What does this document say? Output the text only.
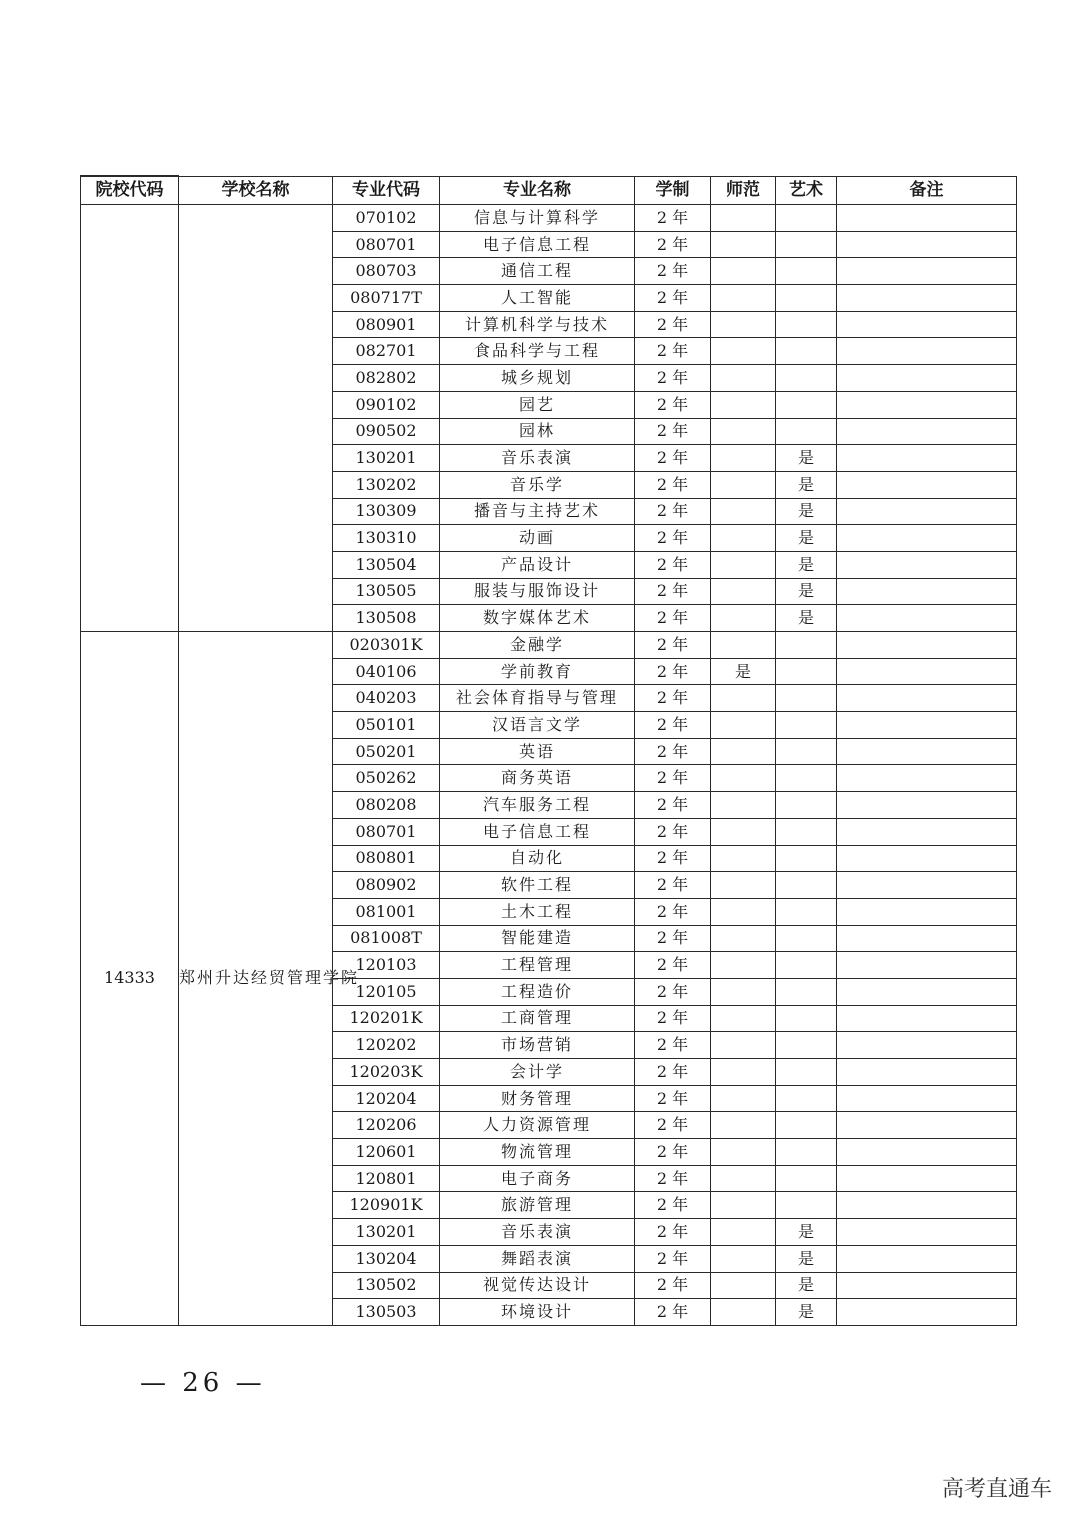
院校代码	学校名称	专业代码	专业名称	学制	师范	艺术	备注
		070102	信息与计算科学	2 年			
		080701	电子信息工程	2 年			
		080703	通信工程	2 年			
		080717T	人工智能	2 年			
		080901	计算机科学与技术	2 年			
		082701	食品科学与工程	2 年			
		082802	城乡规划	2 年			
		090102	园艺	2 年			
		090502	园林	2 年			
		130201	音乐表演	2 年		是	
		130202	音乐学	2 年		是	
		130309	播音与主持艺术	2 年		是	
		130310	动画	2 年		是	
		130504	产品设计	2 年		是	
		130505	服装与服饰设计	2 年		是	
		130508	数字媒体艺术	2 年		是	
14333	郑州升达经贸管理学院	020301K	金融学	2 年			
		040106	学前教育	2 年	是		
		040203	社会体育指导与管理	2 年			
		050101	汉语言文学	2 年			
		050201	英语	2 年			
		050262	商务英语	2 年			
		080208	汽车服务工程	2 年			
		080701	电子信息工程	2 年			
		080801	自动化	2 年			
		080902	软件工程	2 年			
		081001	土木工程	2 年			
		081008T	智能建造	2 年			
		120103	工程管理	2 年			
		120105	工程造价	2 年			
		120201K	工商管理	2 年			
		120202	市场营销	2 年			
		120203K	会计学	2 年			
		120204	财务管理	2 年			
		120206	人力资源管理	2 年			
		120601	物流管理	2 年			
		120801	电子商务	2 年			
		120901K	旅游管理	2 年			
		130201	音乐表演	2 年		是	
		130204	舞蹈表演	2 年		是	
		130502	视觉传达设计	2 年		是	
		130503	环境设计	2 年		是	
— 26 —
高考直通车
